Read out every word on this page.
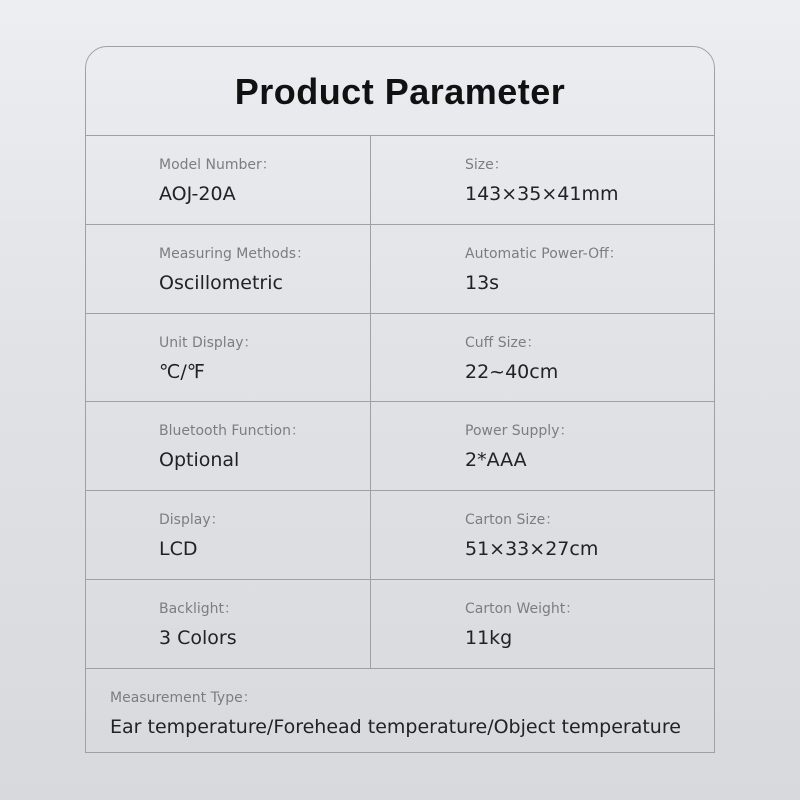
Product Parameter
Model Number：
AOJ-20A
Size：
143×35×41mm
Measuring Methods：
Oscillometric
Automatic Power-Off：
13s
Unit Display：
℃/℉
Cuff Size：
22~40cm
Bluetooth Function：
Optional
Power Supply：
2*AAA
Display：
LCD
Carton Size：
51×33×27cm
Backlight：
3 Colors
Carton Weight：
11kg
Measurement Type：
Ear temperature/Forehead temperature/Object temperature
